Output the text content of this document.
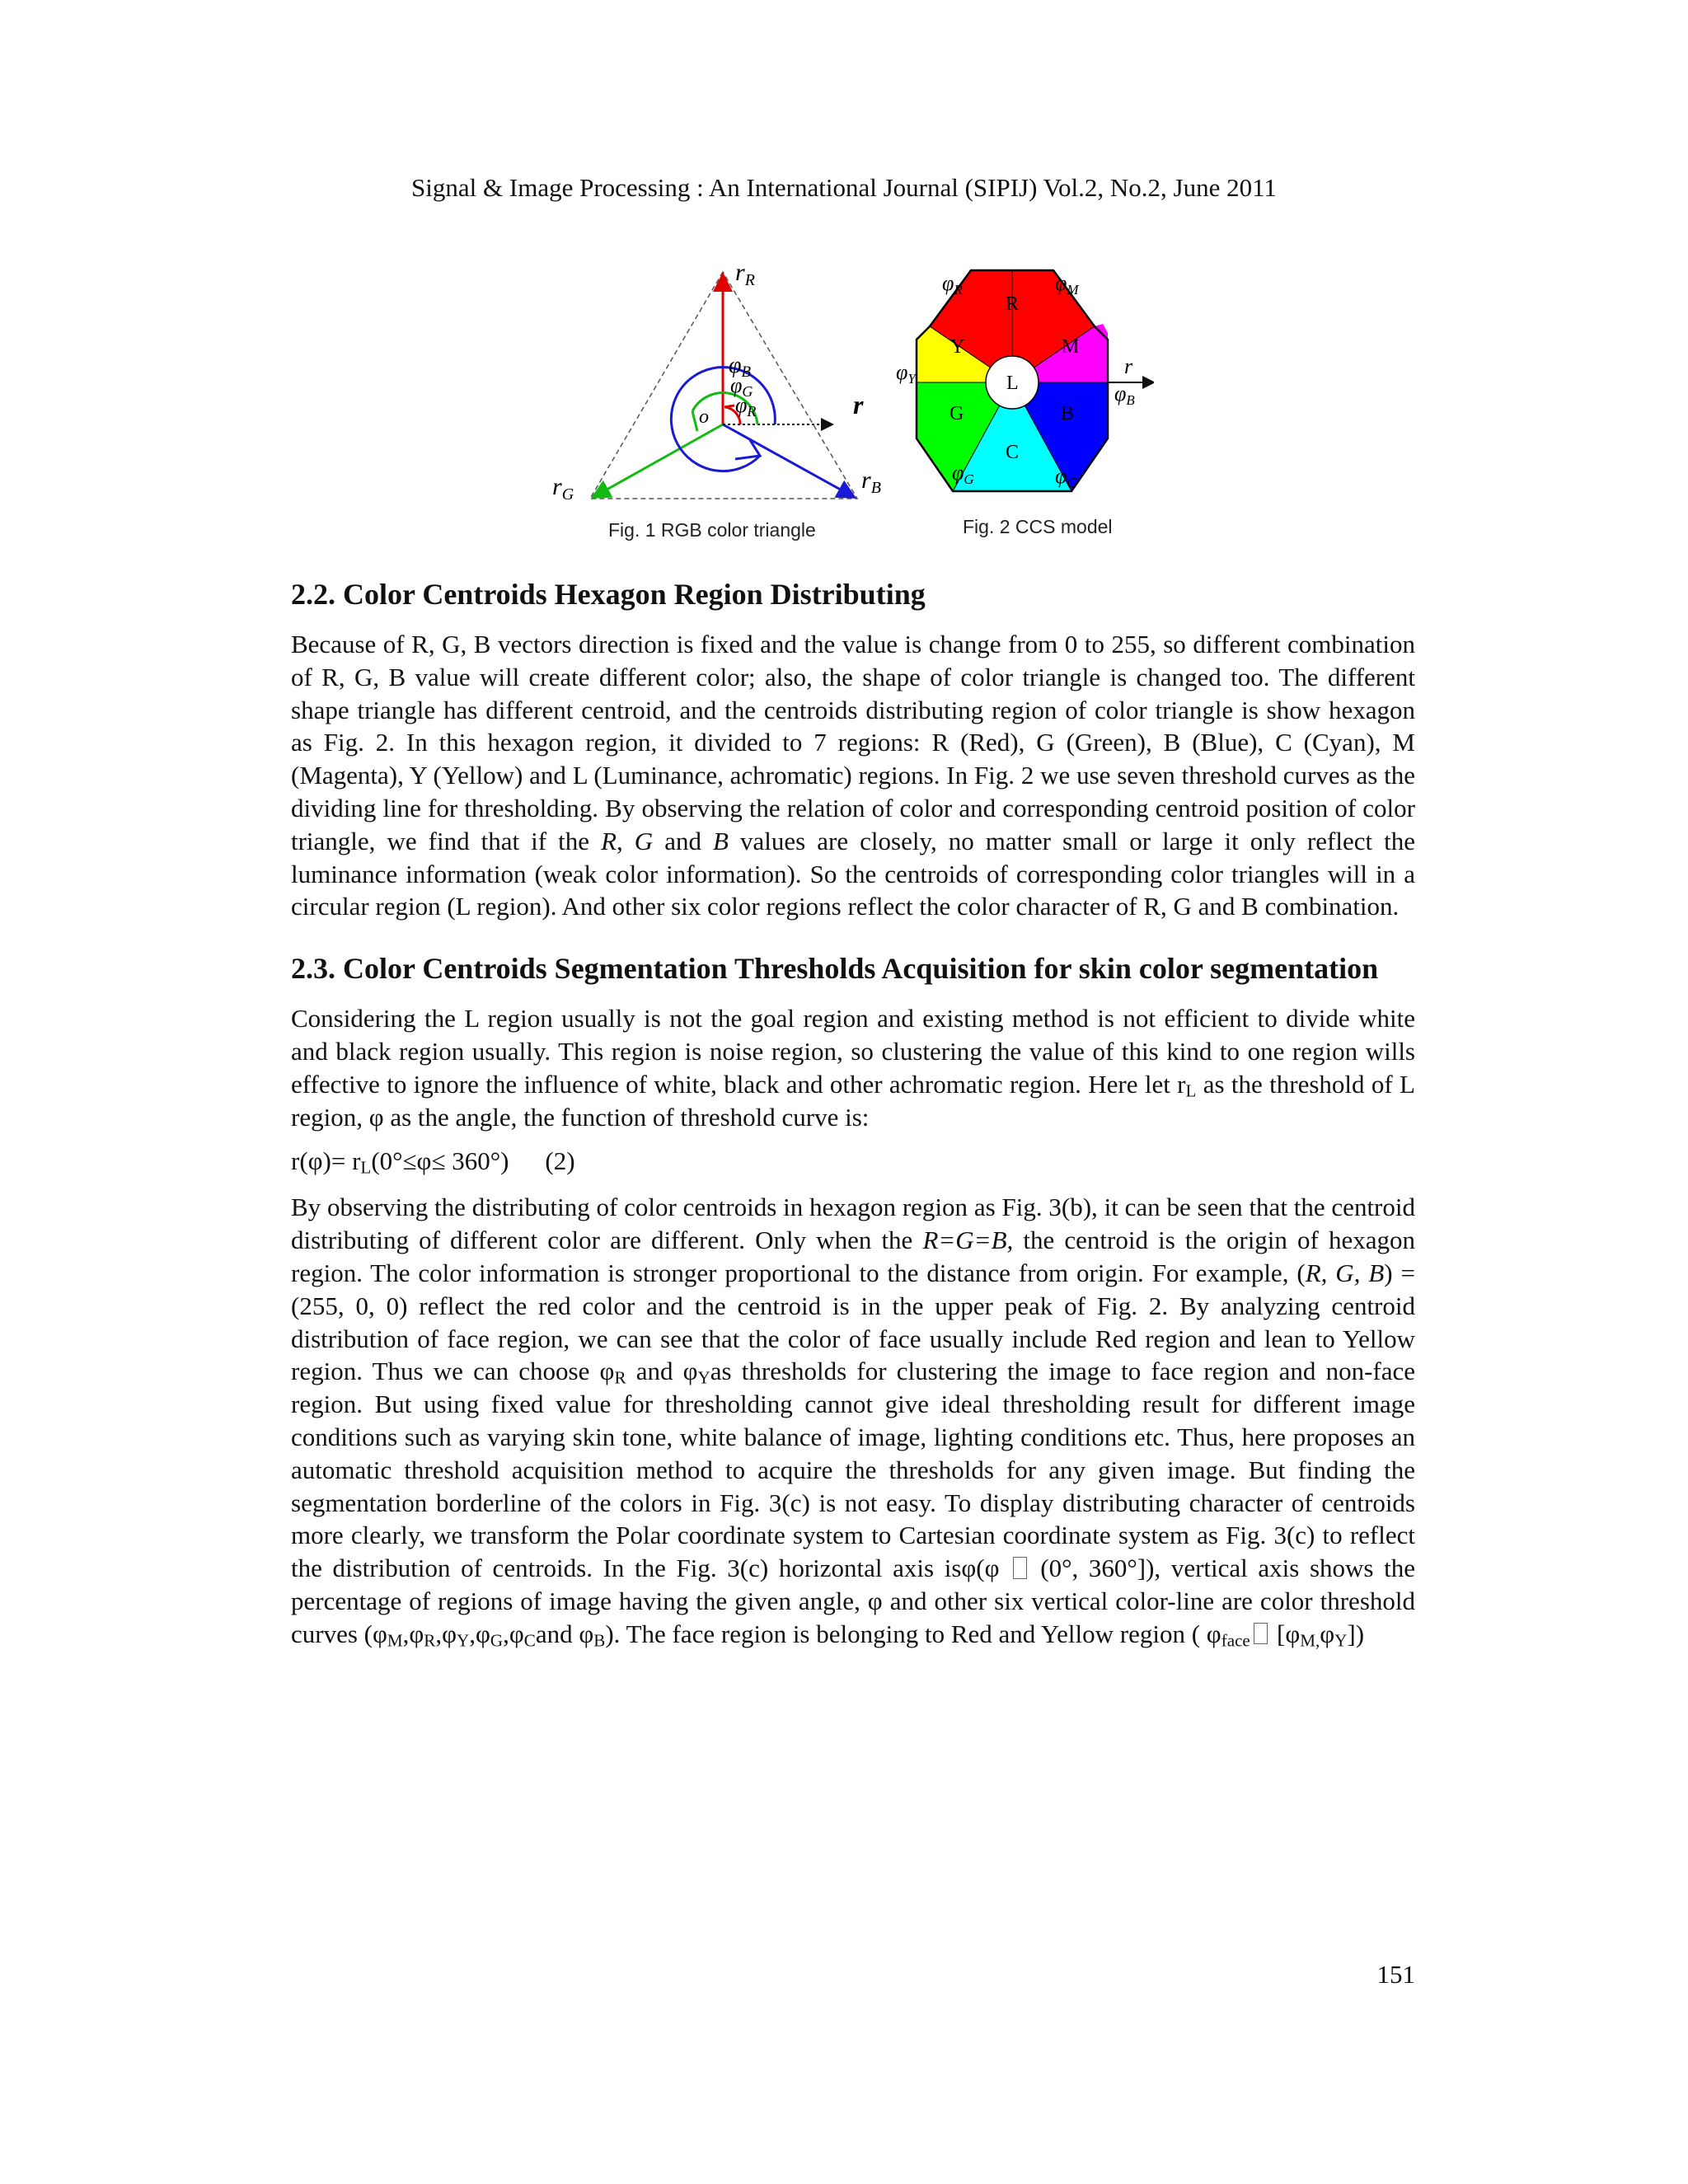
Signal & Image Processing : An International Journal (SIPIJ) Vol.2, No.2, June 2011
$r_R$
$r_G$
$r_B$
r
o
φB
φG
φR
R
M
B
C
G
Y
L
φR	φM
φY
φB
φG	φC
r
Fig. 1 RGB color triangle	Fig. 2 CCS model
2.2. Color Centroids Hexagon Region Distributing

Because of R, G, B vectors direction is fixed and the value is change from 0 to 255, so different combination of R, G, B value will create different color; also, the shape of color triangle is changed too. The different shape triangle has different centroid, and the centroids distributing region of color triangle is show hexagon as Fig. 2. In this hexagon region, it divided to 7 regions: R (Red), G (Green), B (Blue), C (Cyan), M (Magenta), Y (Yellow) and L (Luminance, achromatic) regions. In Fig. 2 we use seven threshold curves as the dividing line for thresholding. By observing the relation of color and corresponding centroid position of color triangle, we find that if the R, G and B values are closely, no matter small or large it only reflect the luminance information (weak color information). So the centroids of corresponding color triangles will in a circular region (L region). And other six color regions reflect the color character of R, G and B combination.

2.3. Color Centroids Segmentation Thresholds Acquisition for skin color segmentation

Considering the L region usually is not the goal region and existing method is not efficient to divide white and black region usually. This region is noise region, so clustering the value of this kind to one region wills effective to ignore the influence of white, black and other achromatic region. Here let $r_L$ as the threshold of L region, φ as the angle, the function of threshold curve is:

$r(\varphi)= r_L(0^\circ\le\varphi\le 360^\circ)$ (2)

By observing the distributing of color centroids in hexagon region as Fig. 3(b), it can be seen that the centroid distributing of different color are different. Only when the R=G=B, the centroid is the origin of hexagon region. The color information is stronger proportional to the distance from origin. For example, (R, G, B) = (255, 0, 0) reflect the red color and the centroid is in the upper peak of Fig. 2. By analyzing centroid distribution of face region, we can see that the color of face usually include Red region and lean to Yellow region. Thus we can choose $\varphi_R$ and $\varphi_Yas$ thresholds for clustering the image to face region and non-face region. But using fixed value for thresholding cannot give ideal thresholding result for different image conditions such as varying skin tone, white balance of image, lighting conditions etc. Thus, here proposes an automatic threshold acquisition method to acquire the thresholds for any given image. But finding the segmentation borderline of the colors in Fig. 3(c) is not easy. To display distributing character of centroids more clearly, we transform the Polar coordinate system to Cartesian coordinate system as Fig. 3(c) to reflect the distribution of centroids. In the Fig. 3(c) horizontal axis isφ(φ  (0°, 360°]), vertical axis shows the percentage of regions of image having the given angle, φ and other six vertical color-line are color threshold curves ($\varphi_M,\varphi_R,\varphi_Y,\varphi_G,\varphi_Cand$ $\varphi_B$). The face region is belonging to Red and Yellow region ( $\varphi_{face}$ $[\varphi_{M,}\varphi_Y]$)

151
